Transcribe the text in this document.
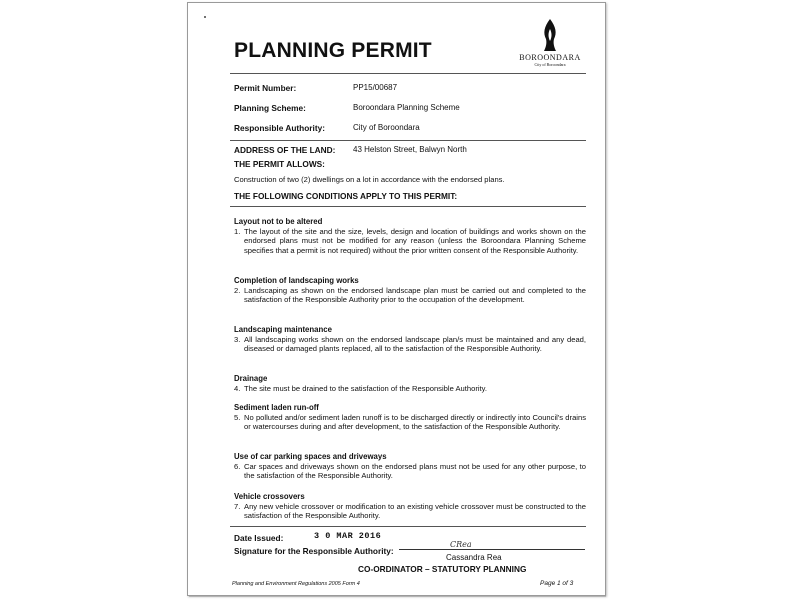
PLANNING PERMIT	BOROONDARA
City of Boroondara
Permit Number:	PP15/00687
Planning Scheme:	Boroondara Planning Scheme
Responsible Authority:	City of Boroondara
ADDRESS OF THE LAND: 43 Helston Street, Balwyn North
THE PERMIT ALLOWS:
Construction of two (2) dwellings on a lot in accordance with the endorsed plans.
THE FOLLOWING CONDITIONS APPLY TO THIS PERMIT:
Layout not to be altered
1. The layout of the site and the size, levels, design and location of buildings and works shown on the endorsed plans must not be modified for any reason (unless the Boroondara Planning Scheme specifies that a permit is not required) without the prior written consent of the Responsible Authority.
Completion of landscaping works
2. Landscaping as shown on the endorsed landscape plan must be carried out and completed to the satisfaction of the Responsible Authority prior to the occupation of the development.
Landscaping maintenance
3. All landscaping works shown on the endorsed landscape plan/s must be maintained and any dead, diseased or damaged plants replaced, all to the satisfaction of the Responsible Authority.
Drainage
4. The site must be drained to the satisfaction of the Responsible Authority.
Sediment laden run-off
5. No polluted and/or sediment laden runoff is to be discharged directly or indirectly into Council's drains or watercourses during and after development, to the satisfaction of the Responsible Authority.
Use of car parking spaces and driveways
6. Car spaces and driveways shown on the endorsed plans must not be used for any other purpose, to the satisfaction of the Responsible Authority.
Vehicle crossovers
7. Any new vehicle crossover or modification to an existing vehicle crossover must be constructed to the satisfaction of the Responsible Authority.
Date Issued:	3 0 MAR 2016
Signature for the Responsible Authority:
CRea
Cassandra Rea
CO-ORDINATOR – STATUTORY PLANNING
Planning and Environment Regulations 2005 Form 4	Page 1 of 3
